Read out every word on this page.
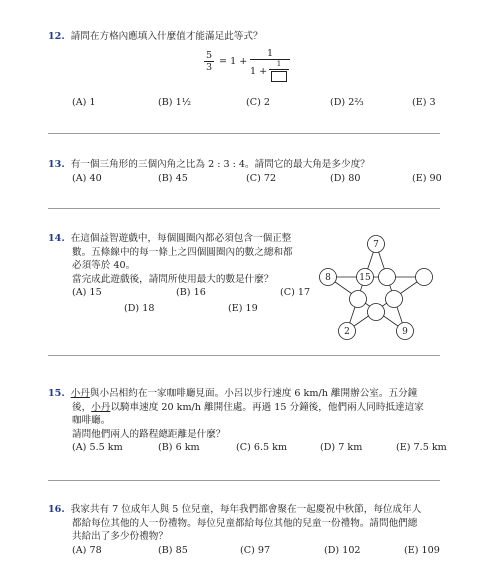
12. 請問在方格內應填入什麼值才能滿足此等式？
$\frac{5}{3} = 1 + 1$
1 +
1
(A) 1	(B) 1½	(C) 2	(D) 2⅔	(E) 3
13. 有一個三角形的三個內角之比為 2 : 3 : 4。請問它的最大角是多少度？
(A) 40	(B) 45	(C) 72	(D) 80	(E) 90
14. 在這個益智遊戲中，每個圓圈內都必須包含一個正整
數。五條線中的每一條上之四個圓圈內的數之總和都
必須等於 40。
當完成此遊戲後，請問所使用最大的數是什麼？
(A) 15	(B) 16	(C) 17
(D) 18	(E) 19
7
8	15
2	9
15. 小丹與小呂相約在一家咖啡廳見面。小呂以步行速度 6 km/h 離開辦公室。五分鐘
後，小丹以騎車速度 20 km/h 離開住處。再過 15 分鐘後，他們兩人同時抵達這家
咖啡廳。
請問他們兩人的路程總距離是什麼？
(A) 5.5 km	(B) 6 km	(C) 6.5 km	(D) 7 km	(E) 7.5 km
16. 我家共有 7 位成年人與 5 位兒童，每年我們都會聚在一起慶祝中秋節，每位成年人
都給每位其他的人一份禮物。每位兒童都給每位其他的兒童一份禮物。請問他們總
共給出了多少份禮物？
(A) 78	(B) 85	(C) 97	(D) 102	(E) 109
